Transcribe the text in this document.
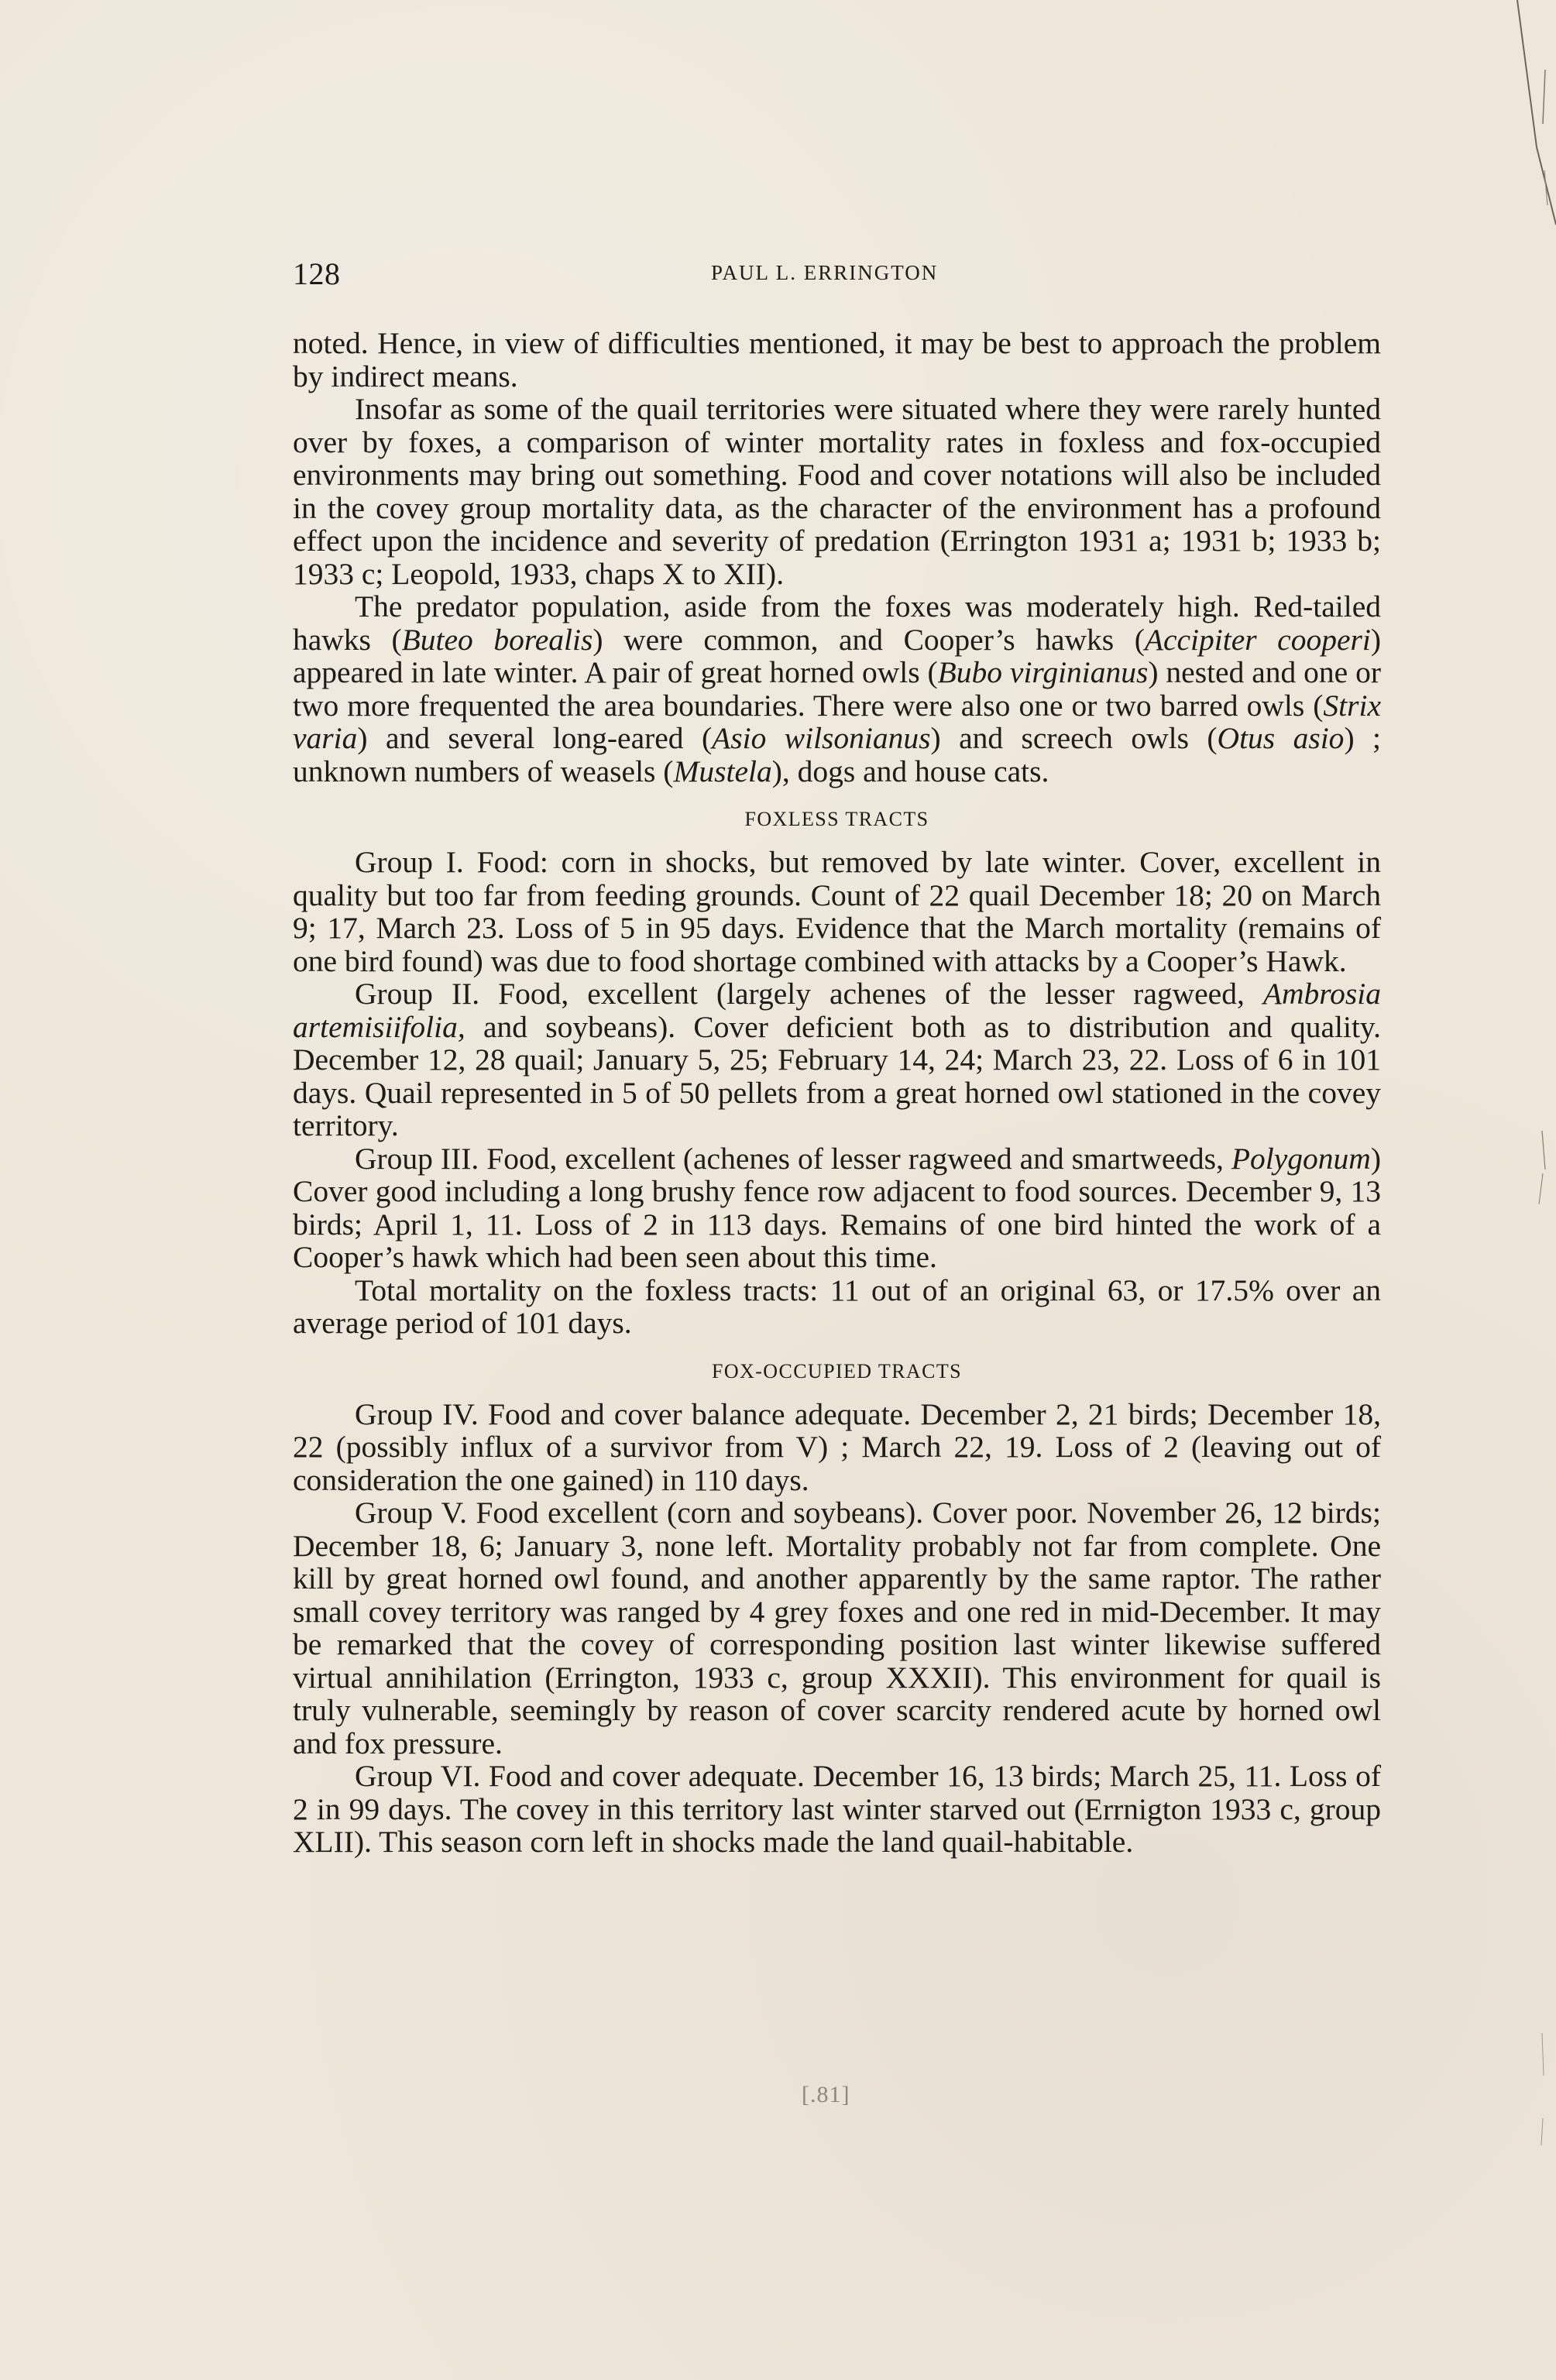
128	PAUL L. ERRINGTON

noted. Hence, in view of difficulties mentioned, it may be best to approach the problem by indirect means.

Insofar as some of the quail territories were situated where they were rarely hunted over by foxes, a comparison of winter mortality rates in foxless and fox-occupied environments may bring out something. Food and cover notations will also be included in the covey group mortality data, as the character of the environment has a profound effect upon the incidence and severity of predation (Errington 1931 a; 1931 b; 1933 b; 1933 c; Leopold, 1933, chaps X to XII).

The predator population, aside from the foxes was moderately high. Red-tailed hawks (Buteo borealis) were common, and Cooper’s hawks (Accipiter cooperi) appeared in late winter. A pair of great horned owls (Bubo virginianus) nested and one or two more frequented the area boundaries. There were also one or two barred owls (Strix varia) and several long-eared (Asio wilsonianus) and screech owls (Otus asio) ; unknown numbers of weasels (Mustela), dogs and house cats.

FOXLESS TRACTS

Group I. Food: corn in shocks, but removed by late winter. Cover, excellent in quality but too far from feeding grounds. Count of 22 quail December 18; 20 on March 9; 17, March 23. Loss of 5 in 95 days. Evidence that the March mortality (remains of one bird found) was due to food shortage combined with attacks by a Cooper’s Hawk.

Group II. Food, excellent (largely achenes of the lesser ragweed, Ambrosia artemisiifolia, and soybeans). Cover deficient both as to distribution and quality. December 12, 28 quail; January 5, 25; February 14, 24; March 23, 22. Loss of 6 in 101 days. Quail represented in 5 of 50 pellets from a great horned owl stationed in the covey territory.

Group III. Food, excellent (achenes of lesser ragweed and smartweeds, Polygonum) Cover good including a long brushy fence row adjacent to food sources. December 9, 13 birds; April 1, 11. Loss of 2 in 113 days. Remains of one bird hinted the work of a Cooper’s hawk which had been seen about this time.

Total mortality on the foxless tracts: 11 out of an original 63, or 17.5% over an average period of 101 days.

FOX-OCCUPIED TRACTS

Group IV. Food and cover balance adequate. December 2, 21 birds; December 18, 22 (possibly influx of a survivor from V) ; March 22, 19. Loss of 2 (leaving out of consideration the one gained) in 110 days.

Group V. Food excellent (corn and soybeans). Cover poor. November 26, 12 birds; December 18, 6; January 3, none left. Mortality probably not far from complete. One kill by great horned owl found, and another apparently by the same raptor. The rather small covey territory was ranged by 4 grey foxes and one red in mid-December. It may be remarked that the covey of corresponding position last winter likewise suffered virtual annihilation (Errington, 1933 c, group XXXII). This environment for quail is truly vulnerable, seemingly by reason of cover scarcity rendered acute by horned owl and fox pressure.

Group VI. Food and cover adequate. December 16, 13 birds; March 25, 11. Loss of 2 in 99 days. The covey in this territory last winter starved out (Errnigton 1933 c, group XLII). This season corn left in shocks made the land quail-habitable.

[.81]
